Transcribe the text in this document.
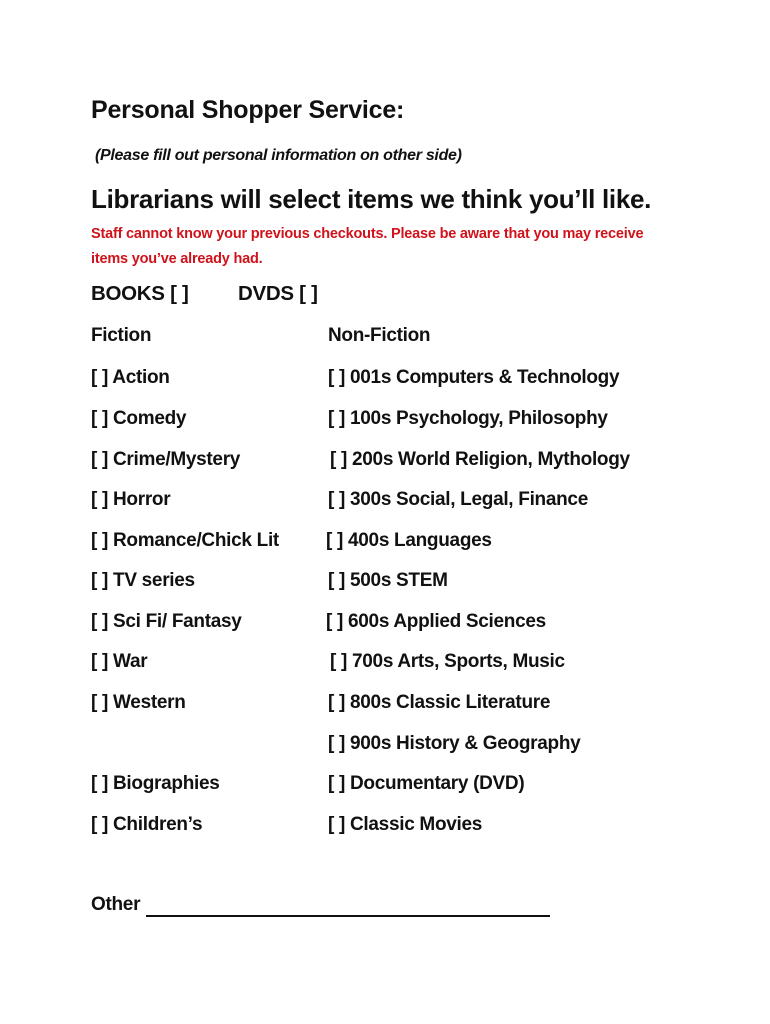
Personal Shopper Service:
(Please fill out personal information on other side)
Librarians will select items we think you’ll like.
Staff cannot know your previous checkouts. Please be aware that you may receive items you’ve already had.
BOOKS [ ] DVDS [ ]
Fiction	Non-Fiction
[ ] Action
[ ] Comedy
[ ] Crime/Mystery
[ ] Horror
[ ] Romance/Chick Lit
[ ] TV series
[ ] Sci Fi/ Fantasy
[ ] War
[ ] Western
[ ] Biographies
[ ] Children’s
[ ] 001s Computers & Technology
[ ] 100s Psychology, Philosophy
[ ] 200s World Religion, Mythology
[ ] 300s Social, Legal, Finance
[ ] 400s Languages
[ ] 500s STEM
[ ] 600s Applied Sciences
[ ] 700s Arts, Sports, Music
[ ] 800s Classic Literature
[ ] 900s History & Geography
[ ] Documentary (DVD)
[ ] Classic Movies
Other
